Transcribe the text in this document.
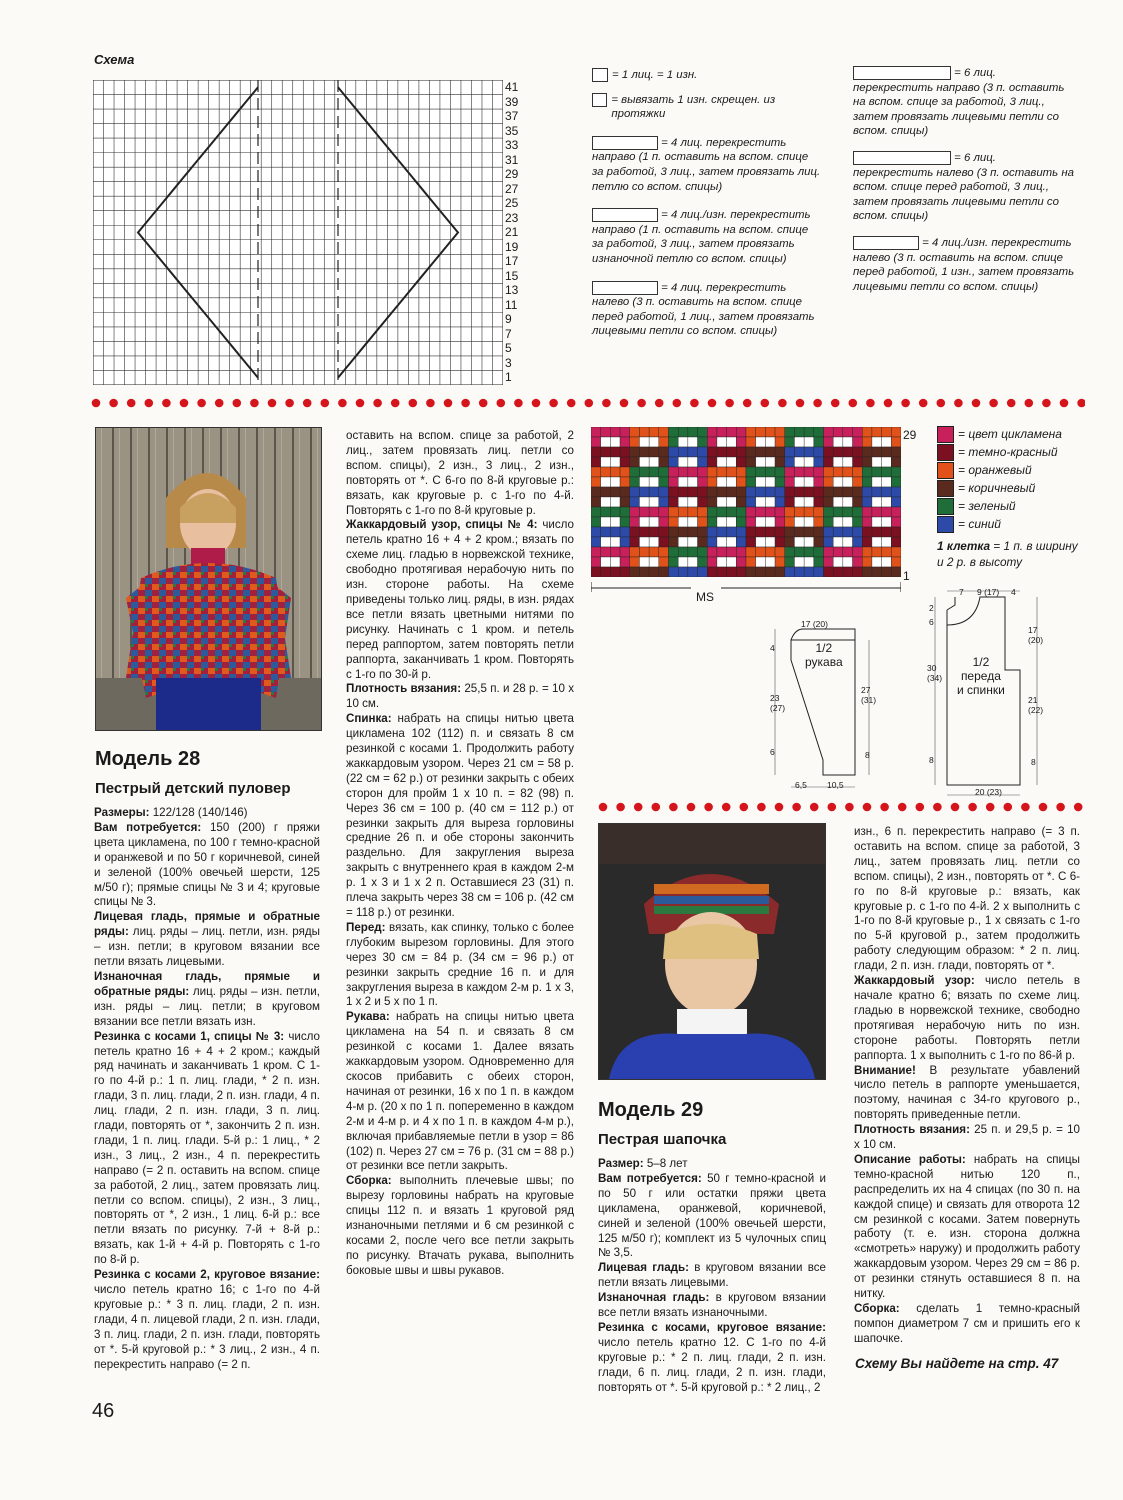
Схема
41
39
37
35
33
31
29
27
25
23
21
19
17
15
13
11
9
7
5
3
1
= 1 лиц. = 1 изн.
= вывязать 1 изн. скрещен. из протяжки
= 4 лиц. перекрестить направо (1 п. оставить на вспом. спице за работой, 3 лиц., затем провязать лиц. петлю со вспом. спицы)
= 4 лиц./изн. перекрестить направо (1 п. оставить на вспом. спице за работой, 3 лиц., затем провязать изнаночной петлю со вспом. спицы)
= 4 лиц. перекрестить налево (3 п. оставить на вспом. спице перед работой, 1 лиц., затем провязать лицевыми петли со вспом. спицы)
= 6 лиц. перекрестить направо (3 п. оставить на вспом. спице за работой, 3 лиц., затем провязать лицевыми петли со вспом. спицы)
= 6 лиц. перекрестить налево (3 п. оставить на вспом. спице перед работой, 3 лиц., затем провязать лицевыми петли со вспом. спицы)
= 4 лиц./изн. перекрестить налево (3 п. оставить на вспом. спице перед работой, 1 изн., затем провязать лицевыми петли со вспом. спицы)
Модель 28
Пестрый детский пуловер

Размеры: 122/128 (140/146)

Вам потребуется: 150 (200) г пряжи цвета цикламена, по 100 г темно-красной и оранжевой и по 50 г коричневой, синей и зеленой (100% овечьей шерсти, 125 м/50 г); прямые спицы № 3 и 4; круговые спицы № 3.

Лицевая гладь, прямые и обратные ряды: лиц. ряды – лиц. петли, изн. ряды – изн. петли; в круговом вязании все петли вязать лицевыми.

Изнаночная гладь, прямые и обратные ряды: лиц. ряды – изн. петли, изн. ряды – лиц. петли; в круговом вязании все петли вязать изн.

Резинка с косами 1, спицы № 3: число петель кратно 16 + 4 + 2 кром.; каждый ряд начинать и заканчивать 1 кром. С 1-го по 4-й р.: 1 п. лиц. глади, * 2 п. изн. глади, 3 п. лиц. глади, 2 п. изн. глади, 4 п. лиц. глади, 2 п. изн. глади, 3 п. лиц. глади, повторять от *, закончить 2 п. изн. глади, 1 п. лиц. глади. 5-й р.: 1 лиц., * 2 изн., 3 лиц., 2 изн., 4 п. перекрестить направо (= 2 п. оставить на вспом. спице за работой, 2 лиц., затем провязать лиц. петли со вспом. спицы), 2 изн., 3 лиц., повторять от *, 2 изн., 1 лиц. 6-й р.: все петли вязать по рисунку. 7-й + 8-й р.: вязать, как 1-й + 4-й р. Повторять с 1-го по 8-й р.

Резинка с косами 2, круговое вязание: число петель кратно 16; с 1-го по 4-й круговые р.: * 3 п. лиц. глади, 2 п. изн. глади, 4 п. лицевой глади, 2 п. изн. глади, 3 п. лиц. глади, 2 п. изн. глади, повторять от *. 5-й круговой р.: * 3 лиц., 2 изн., 4 п. перекрестить направо (= 2 п.

оставить на вспом. спице за работой, 2 лиц., затем провязать лиц. петли со вспом. спицы), 2 изн., 3 лиц., 2 изн., повторять от *. С 6-го по 8-й круговые р.: вязать, как круговые р. с 1-го по 4-й. Повторять с 1-го по 8-й круговые р.

Жаккардовый узор, спицы № 4: число петель кратно 16 + 4 + 2 кром.; вязать по схеме лиц. гладью в норвежской технике, свободно протягивая нерабочую нить по изн. стороне работы. На схеме приведены только лиц. ряды, в изн. рядах все петли вязать цветными нитями по рисунку. Начинать с 1 кром. и петель перед раппортом, затем повторять петли раппорта, заканчивать 1 кром. Повторять с 1-го по 30-й р.

Плотность вязания: 25,5 п. и 28 р. = 10 х 10 см.

Спинка: набрать на спицы нитью цвета цикламена 102 (112) п. и связать 8 см резинкой с косами 1. Продолжить работу жаккардовым узором. Через 21 см = 58 р. (22 см = 62 р.) от резинки закрыть с обеих сторон для пройм 1 х 10 п. = 82 (98) п. Через 36 см = 100 р. (40 см = 112 р.) от резинки закрыть для выреза горловины средние 26 п. и обе стороны закончить раздельно. Для закругления выреза закрыть с внутреннего края в каждом 2-м р. 1 х 3 и 1 х 2 п. Оставшиеся 23 (31) п. плеча закрыть через 38 см = 106 р. (42 см = 118 р.) от резинки.

Перед: вязать, как спинку, только с более глубоким вырезом горловины. Для этого через 30 см = 84 р. (34 см = 96 р.) от резинки закрыть средние 16 п. и для закругления выреза в каждом 2-м р. 1 х 3, 1 х 2 и 5 х по 1 п.

Рукава: набрать на спицы нитью цвета цикламена на 54 п. и связать 8 см резинкой с косами 1. Далее вязать жаккардовым узором. Одновременно для скосов прибавить с обеих сторон, начиная от резинки, 16 х по 1 п. в каждом 4-м р. (20 х по 1 п. попеременно в каждом 2-м и 4-м р. и 4 х по 1 п. в каждом 4-м р.), включая прибавляемые петли в узор = 86 (102) п. Через 27 см = 76 р. (31 см = 88 р.) от резинки все петли закрыть.

Сборка: выполнить плечевые швы; по вырезу горловины набрать на круговые спицы 112 п. и вязать 1 круговой ряд изнаночными петлями и 6 см резинкой с косами 2, после чего все петли закрыть по рисунку. Втачать рукава, выполнить боковые швы и швы рукавов.

29
1
MS
= цвет цикламена
= темно-красный
= оранжевый
= коричневый
= зеленый
= синий
1 клетка = 1 п. в ширину и 2 р. в высоту
17 (20)
1/2
рукава
4
23
(27)
6
27
(31)
8
6,5 10,5
7 9 (17) 4
2
6
30
(34)
8
1/2
переда
и спинки
17
(20)
21
(22)
8
20 (23)
Модель 29
Пестрая шапочка

Размер: 5–8 лет

Вам потребуется: 50 г темно-красной и по 50 г или остатки пряжи цвета цикламена, оранжевой, коричневой, синей и зеленой (100% овечьей шерсти, 125 м/50 г); комплект из 5 чулочных спиц № 3,5.

Лицевая гладь: в круговом вязании все петли вязать лицевыми.

Изнаночная гладь: в круговом вязании все петли вязать изнаночными.

Резинка с косами, круговое вязание: число петель кратно 12. С 1-го по 4-й круговые р.: * 2 п. лиц. глади, 2 п. изн. глади, 6 п. лиц. глади, 2 п. изн. глади, повторять от *. 5-й круговой р.: * 2 лиц., 2

изн., 6 п. перекрестить направо (= 3 п. оставить на вспом. спице за работой, 3 лиц., затем провязать лиц. петли со вспом. спицы), 2 изн., повторять от *. С 6-го по 8-й круговые р.: вязать, как круговые р. с 1-го по 4-й. 2 х выполнить с 1-го по 8-й круговые р., 1 х связать с 1-го по 5-й круговой р., затем продолжить работу следующим образом: * 2 п. лиц. глади, 2 п. изн. глади, повторять от *.

Жаккардовый узор: число петель в начале кратно 6; вязать по схеме лиц. гладью в норвежской технике, свободно протягивая нерабочую нить по изн. стороне работы. Повторять петли раппорта. 1 х выполнить с 1-го по 86-й р.

Внимание! В результате убавлений число петель в раппорте уменьшается, поэтому, начиная с 34-го кругового р., повторять приведенные петли.

Плотность вязания: 25 п. и 29,5 р. = 10 х 10 см.

Описание работы: набрать на спицы темно-красной нитью 120 п., распределить их на 4 спицах (по 30 п. на каждой спице) и связать для отворота 12 см резинкой с косами. Затем повернуть работу (т. е. изн. сторона должна «смотреть» наружу) и продолжить работу жаккардовым узором. Через 29 см = 86 р. от резинки стянуть оставшиеся 8 п. на нитку.

Сборка: сделать 1 темно-красный помпон диаметром 7 см и пришить его к шапочке.

Схему Вы найдете на стр. 47
46
